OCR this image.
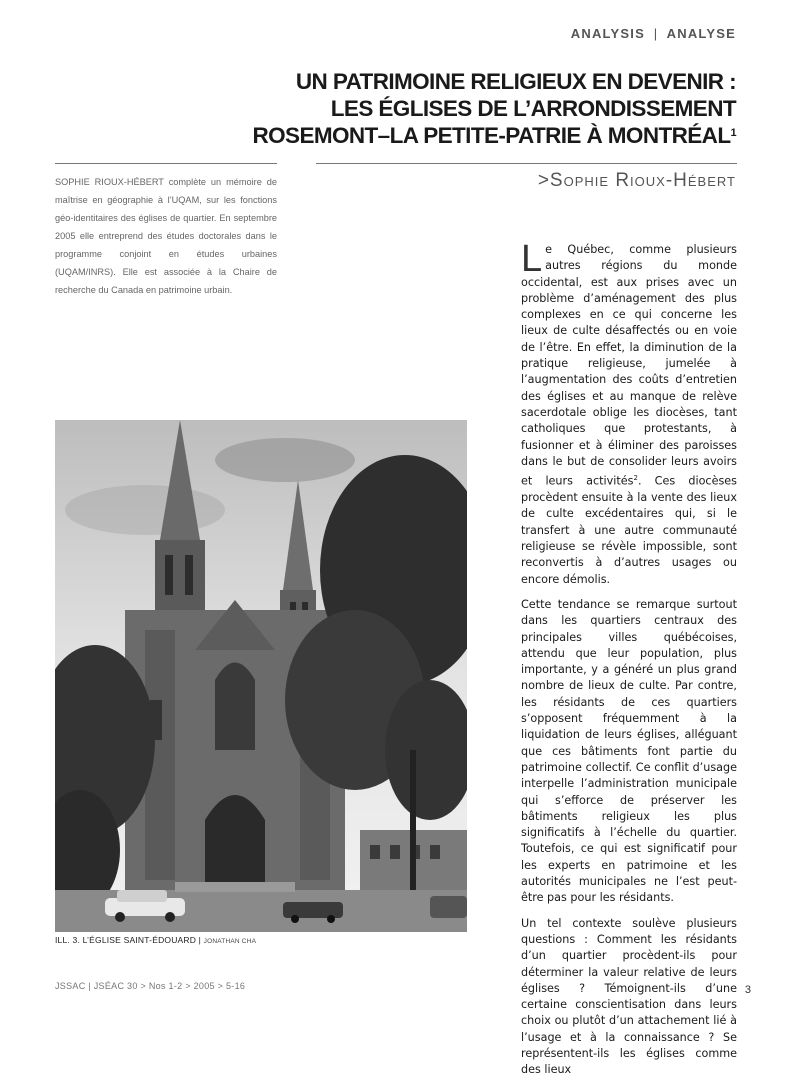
ANALYSIS | ANALYSE
UN PATRIMOINE RELIGIEUX EN DEVENIR :
LES ÉGLISES DE L’ARRONDISSEMENT
ROSEMONT–LA PETITE-PATRIE À $MONTRÉAL^1$
>Sophie Rioux-Hébert
SOPHIE RIOUX-HÉBERT complète un mémoire de maîtrise en géographie à l’UQAM, sur les fonctions géo-identitaires des églises de quartier. En septembre 2005 elle entreprend des études doctorales dans le programme conjoint en études urbaines (UQAM/INRS). Elle est associée à la Chaire de recherche du Canada en patrimoine urbain.

Le Québec, comme plusieurs autres régions du monde occidental, est aux prises avec un problème d’aménagement des plus complexes en ce qui concerne les lieux de culte désaffectés ou en voie de l’être. En effet, la diminution de la pratique religieuse, jumelée à l’augmentation des coûts d’entretien des églises et au manque de relève sacerdotale oblige les diocèses, tant catholiques que protestants, à fusionner et à éliminer des paroisses dans le but de consolider leurs avoirs et leurs activités$^2$. Ces diocèses procèdent ensuite à la vente des lieux de culte excédentaires qui, si le transfert à une autre communauté religieuse se révèle impossible, sont reconvertis à d’autres usages ou encore démolis.

Cette tendance se remarque surtout dans les quartiers centraux des principales villes québécoises, attendu que leur population, plus importante, y a généré un plus grand nombre de lieux de culte. Par contre, les résidants de ces quartiers s’opposent fréquemment à la liquidation de leurs églises, alléguant que ces bâtiments font partie du patrimoine collectif. Ce conflit d’usage interpelle l’administration municipale qui s’efforce de préserver les bâtiments religieux les plus significatifs à l’échelle du quartier. Toutefois, ce qui est significatif pour les experts en patrimoine et les autorités municipales ne l’est peut-être pas pour les résidants.

Un tel contexte soulève plusieurs questions : Comment les résidants d’un quartier procèdent-ils pour déterminer la valeur relative de leurs églises ? Témoignent-ils d’une certaine conscientisation dans leurs choix ou plutôt d’un attachement lié à l’usage et à la connaissance ? Se représentent-ils les églises comme des lieux

ILL. 3. L’ÉGLISE SAINT-ÉDOUARD | JONATHAN CHA
JSSAC | JSÉAC 30 > Nos 1-2 > 2005 > 5-16	3
